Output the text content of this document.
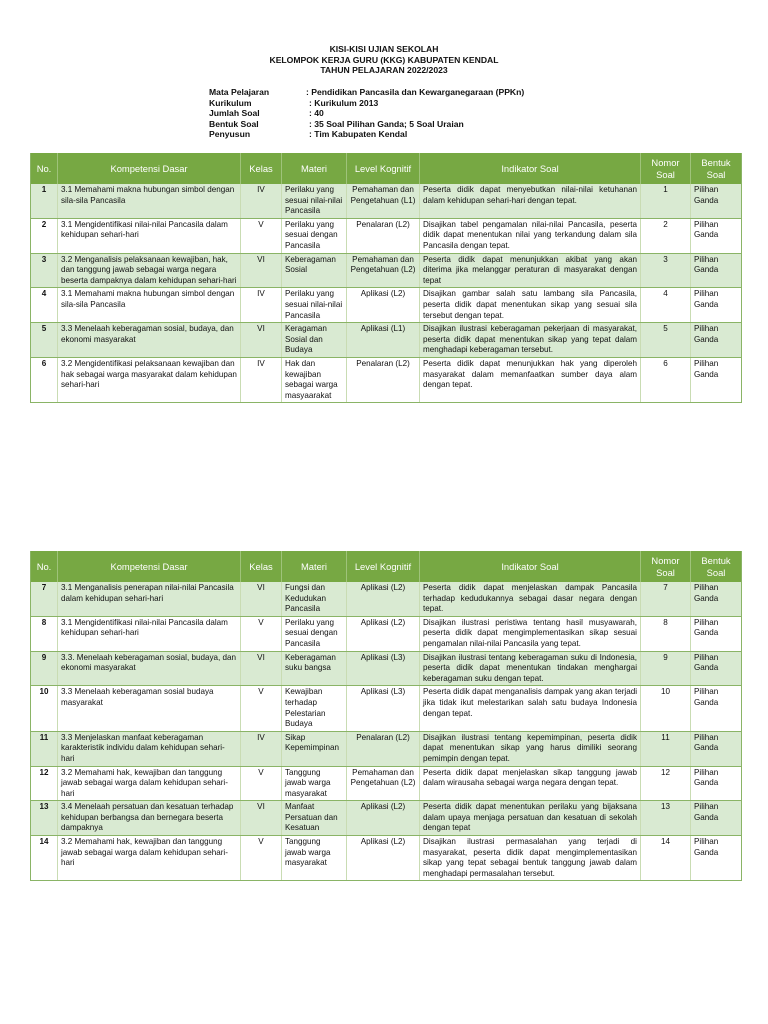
KISI-KISI UJIAN SEKOLAH
KELOMPOK KERJA GURU (KKG) KABUPATEN KENDAL
TAHUN PELAJARAN 2022/2023
Mata Pelajaran	: Pendidikan Pancasila dan Kewarganegaraan (PPKn)
Kurikulum	: Kurikulum 2013
Jumlah Soal	: 40
Bentuk Soal	: 35 Soal Pilihan Ganda; 5 Soal Uraian
Penyusun	: Tim Kabupaten Kendal
No.	Kompetensi Dasar	Kelas	Materi	Level Kognitif	Indikator Soal	Nomor Soal	Bentuk Soal
1	3.1 Memahami makna hubungan simbol dengan sila-sila Pancasila	IV	Perilaku yang sesuai nilai-nilai Pancasila	Pemahaman dan Pengetahuan (L1)	Peserta didik dapat menyebutkan nilai-nilai ketuhanan dalam kehidupan sehari-hari dengan tepat.	1	Pilihan Ganda
2	3.1 Mengidentifikasi nilai-nilai Pancasila dalam kehidupan sehari-hari	V	Perilaku yang sesuai dengan Pancasila	Penalaran (L2)	Disajikan tabel pengamalan nilai-nilai Pancasila, peserta didik dapat menentukan nilai yang terkandung dalam sila Pancasila dengan tepat.	2	Pilihan Ganda
3	3.2 Menganalisis pelaksanaan kewajiban, hak, dan tanggung jawab sebagai warga negara beserta dampaknya dalam kehidupan sehari-hari	VI	Keberagaman Sosial	Pemahaman dan Pengetahuan (L2)	Peserta didik dapat menunjukkan akibat yang akan diterima jika melanggar peraturan di masyarakat dengan tepat	3	Pilihan Ganda
4	3.1 Memahami makna hubungan simbol dengan sila-sila Pancasila	IV	Perilaku yang sesuai nilai-nilai Pancasila	Aplikasi (L2)	Disajikan gambar salah satu lambang sila Pancasila, peserta didik dapat menentukan sikap yang sesuai sila tersebut dengan tepat.	4	Pilihan Ganda
5	3.3 Menelaah keberagaman sosial, budaya, dan ekonomi masyarakat	VI	Keragaman Sosial dan Budaya	Aplikasi (L1)	Disajikan ilustrasi keberagaman pekerjaan di masyarakat, peserta didik dapat menentukan sikap yang tepat dalam menghadapi keberagaman tersebut.	5	Pilihan Ganda
6	3.2 Mengidentifikasi pelaksanaan kewajiban dan hak sebagai warga masyarakat dalam kehidupan sehari-hari	IV	Hak dan kewajiban sebagai warga masyaarakat	Penalaran (L2)	Peserta didik dapat menunjukkan hak yang diperoleh masyarakat dalam memanfaatkan sumber daya alam dengan tepat.	6	Pilihan Ganda
No.	Kompetensi Dasar	Kelas	Materi	Level Kognitif	Indikator Soal	Nomor Soal	Bentuk Soal
7	3.1 Menganalisis penerapan nilai-nilai Pancasila dalam kehidupan sehari-hari	VI	Fungsi dan Kedudukan Pancasila	Aplikasi (L2)	Peserta didik dapat menjelaskan dampak Pancasila terhadap kedudukannya sebagai dasar negara dengan tepat.	7	Pilihan Ganda
8	3.1 Mengidentifikasi nilai-nilai Pancasila dalam kehidupan sehari-hari	V	Perilaku yang sesuai dengan Pancasila	Aplikasi (L2)	Disajikan ilustrasi peristiwa tentang hasil musyawarah, peserta didik dapat mengimplementasikan sikap sesuai pengamalan nilai-nilai Pancasila yang tepat.	8	Pilihan Ganda
9	3.3. Menelaah keberagaman sosial, budaya, dan ekonomi masyarakat	VI	Keberagaman suku bangsa	Aplikasi (L3)	Disajikan ilustrasi tentang keberagaman suku di Indonesia, peserta didik dapat menentukan tindakan menghargai keberagaman suku dengan tepat.	9	Pilihan Ganda
10	3.3 Menelaah keberagaman sosial budaya masyarakat	V	Kewajiban terhadap Pelestarian Budaya	Aplikasi (L3)	Peserta didik dapat menganalisis dampak yang akan terjadi jika tidak ikut melestarikan salah satu budaya Indonesia dengan tepat.	10	Pilihan Ganda
11	3.3 Menjelaskan manfaat keberagaman karakteristik individu dalam kehidupan sehari-hari	IV	Sikap Kepemimpinan	Penalaran (L2)	Disajikan ilustrasi tentang kepemimpinan, peserta didik dapat menentukan sikap yang harus dimiliki seorang pemimpin dengan tepat.	11	Pilihan Ganda
12	3.2 Memahami hak, kewajiban dan tanggung jawab sebagai warga dalam kehidupan sehari-hari	V	Tanggung jawab warga masyarakat	Pemahaman dan Pengetahuan (L2)	Peserta didik dapat menjelaskan sikap tanggung jawab dalam wirausaha sebagai warga negara dengan tepat.	12	Pilihan Ganda
13	3.4 Menelaah persatuan dan kesatuan terhadap kehidupan berbangsa dan bernegara beserta dampaknya	VI	Manfaat Persatuan dan Kesatuan	Aplikasi (L2)	Peserta didik dapat menentukan perilaku yang bijaksana dalam upaya menjaga persatuan dan kesatuan di sekolah dengan tepat	13	Pilihan Ganda
14	3.2 Memahami hak, kewajiban dan tanggung jawab sebagai warga dalam kehidupan sehari-hari	V	Tanggung jawab warga masyarakat	Aplikasi (L2)	Disajikan ilustrasi permasalahan yang terjadi di masyarakat, peserta didik dapat mengimplementasikan sikap yang tepat sebagai bentuk tanggung jawab dalam menghadapi permasalahan tersebut.	14	Pilihan Ganda
